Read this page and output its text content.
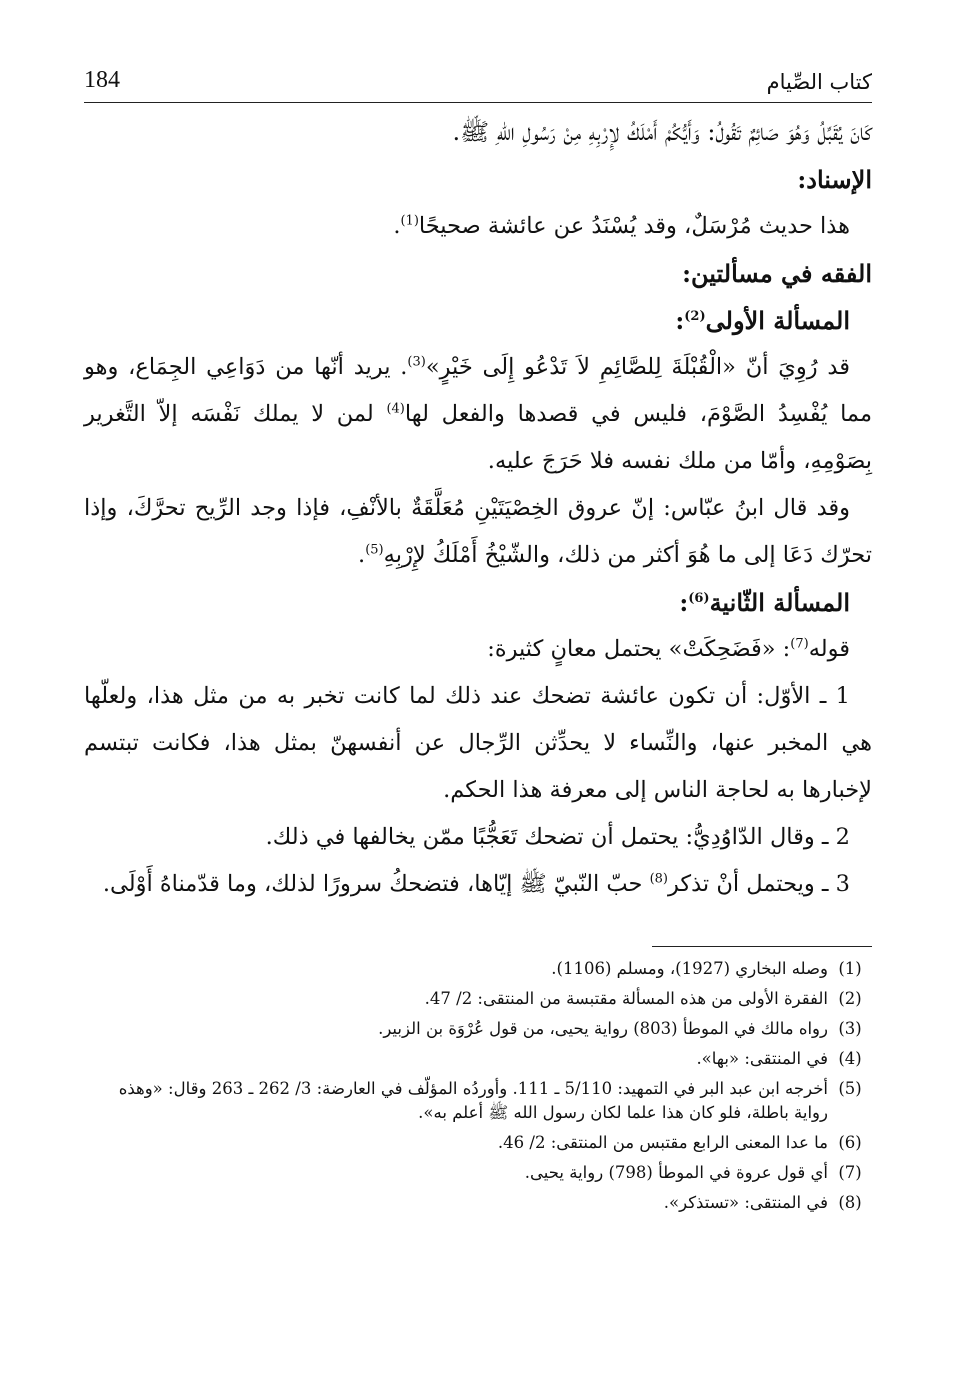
184	كتاب الصِّيام

كَانَ يُقَبِّلُ وَهُوَ صَائِمٌ تَقُولُ: وَأَيُّكُمْ أَمْلَكُ لإِرْبِهِ مِنْ رَسُولِ اللهِ ﷺ.

الإسناد:

هذا حديث مُرْسَلٌ، وقد يُسْنَدُ عن عائشة صحيحًا$^{(1)}$.

الفقه في مسألتين:

المسألة الأولى$^{(2)}$:

قد رُوِيَ أنّ «الْقُبْلَةَ لِلصَّائِمِ لاَ تَدْعُو إِلَى خَيْرٍ»$^{(3)}$. يريد أنّها من دَوَاعِي الجِمَاع، وهو مما يُفْسِدُ الصَّوْمَ، فليس في قصدها والفعل لها$^{(4)}$ لمن لا يملك نَفْسَه إلاّ التَّغرير بِصَوْمِهِ، وأمّا من ملك نفسه فلا حَرَجَ عليه.

وقد قال ابنُ عبّاس: إنّ عروق الخِصْيَتَيْنِ مُعَلَّقَةٌ بالأنْفِ، فإذا وجد الرِّيح تحرَّكَ، وإذا تحرّك دَعَا إلى ما هُوَ أكثر من ذلك، والشّيْخُ أَمْلَكُ لإِرْبِهِ$^{(5)}$.

المسألة الثّانية$^{(6)}$:

قوله$^{(7)}$: «فَضَحِكَتْ» يحتمل معانٍ كثيرة:

1 ـ الأوّل: أن تكون عائشة تضحك عند ذلك لما كانت تخبر به من مثل هذا، ولعلّها هي المخبر عنها، والنِّساء لا يحدِّثن الرِّجال عن أنفسهنّ بمثل هذا، فكانت تبتسم لإخبارها به لحاجة الناس إلى معرفة هذا الحكم.

2 ـ وقال الدّاوُدِيُّ: يحتمل أن تضحك تَعَجُّبًا ممّن يخالفها في ذلك.

3 ـ ويحتمل أنْ تذكر$^{(8)}$ حبّ النّبيّ ﷺ إيّاها، فتضحكُ سرورًا لذلك، وما قدّمناهُ أَوْلَى.

(1)
وصله البخاري (1927)، ومسلم (1106).
(2)
الفقرة الأولى من هذه المسألة مقتبسة من المنتقى: 2/ 47.
(3)
رواه مالك في الموطأ (803) رواية يحيى، من قول عُرْوَة بن الزبير.
(4)
في المنتقى: «بها».
(5)
أخرجه ابن عبد البر في التمهيد: 5/110 ـ 111. وأوردُه المؤلّف في العارضة: 3/ 262 ـ 263 وقال: «وهذه رواية باطلة، فلو كان هذا علما لكان رسول الله ﷺ أعلم به».
(6)
ما عدا المعنى الرابع مقتبس من المنتقى: 2/ 46.
(7)
أي قول عروة في الموطأ (798) رواية يحيى.
(8)
في المنتقى: «تستذكر».
